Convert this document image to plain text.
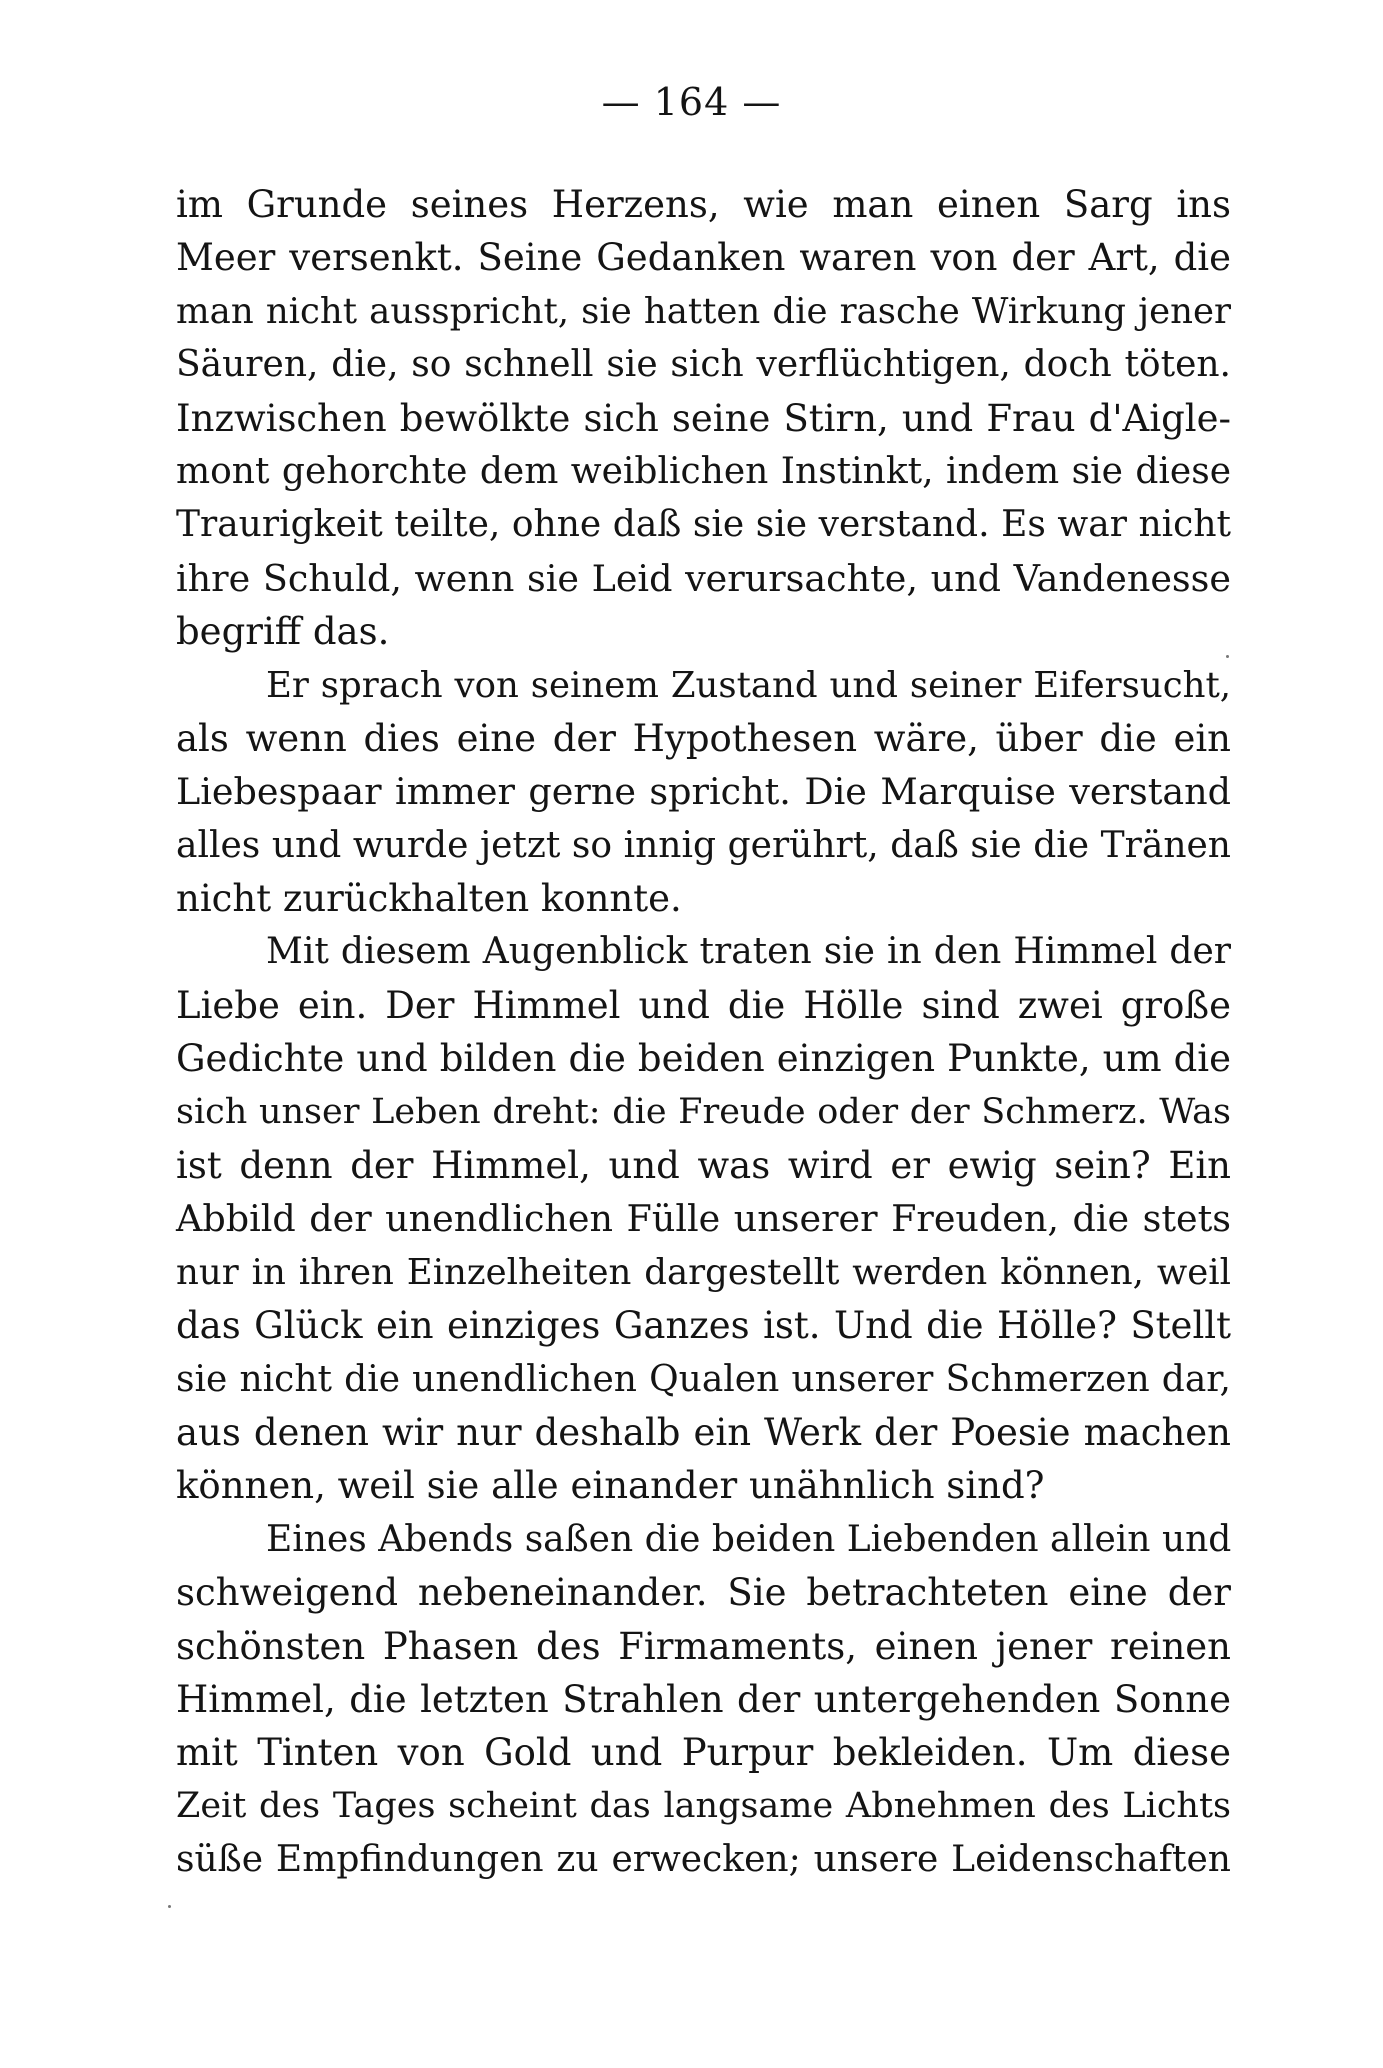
— 164 —
im Grunde seines Herzens, wie man einen Sarg ins
Meer versenkt. Seine Gedanken waren von der Art, die
man nicht ausspricht, sie hatten die rasche Wirkung jener
Säuren, die, so schnell sie sich verflüchtigen, doch töten.
Inzwischen bewölkte sich seine Stirn, und Frau d'Aigle-
mont gehorchte dem weiblichen Instinkt, indem sie diese
Traurigkeit teilte, ohne daß sie sie verstand. Es war nicht
ihre Schuld, wenn sie Leid verursachte, und Vandenesse
begriff das.
Er sprach von seinem Zustand und seiner Eifersucht,
als wenn dies eine der Hypothesen wäre, über die ein
Liebespaar immer gerne spricht. Die Marquise verstand
alles und wurde jetzt so innig gerührt, daß sie die Tränen
nicht zurückhalten konnte.
Mit diesem Augenblick traten sie in den Himmel der
Liebe ein. Der Himmel und die Hölle sind zwei große
Gedichte und bilden die beiden einzigen Punkte, um die
sich unser Leben dreht: die Freude oder der Schmerz. Was
ist denn der Himmel, und was wird er ewig sein? Ein
Abbild der unendlichen Fülle unserer Freuden, die stets
nur in ihren Einzelheiten dargestellt werden können, weil
das Glück ein einziges Ganzes ist. Und die Hölle? Stellt
sie nicht die unendlichen Qualen unserer Schmerzen dar,
aus denen wir nur deshalb ein Werk der Poesie machen
können, weil sie alle einander unähnlich sind?
Eines Abends saßen die beiden Liebenden allein und
schweigend nebeneinander. Sie betrachteten eine der
schönsten Phasen des Firmaments, einen jener reinen
Himmel, die letzten Strahlen der untergehenden Sonne
mit Tinten von Gold und Purpur bekleiden. Um diese
Zeit des Tages scheint das langsame Abnehmen des Lichts
süße Empfindungen zu erwecken; unsere Leidenschaften
